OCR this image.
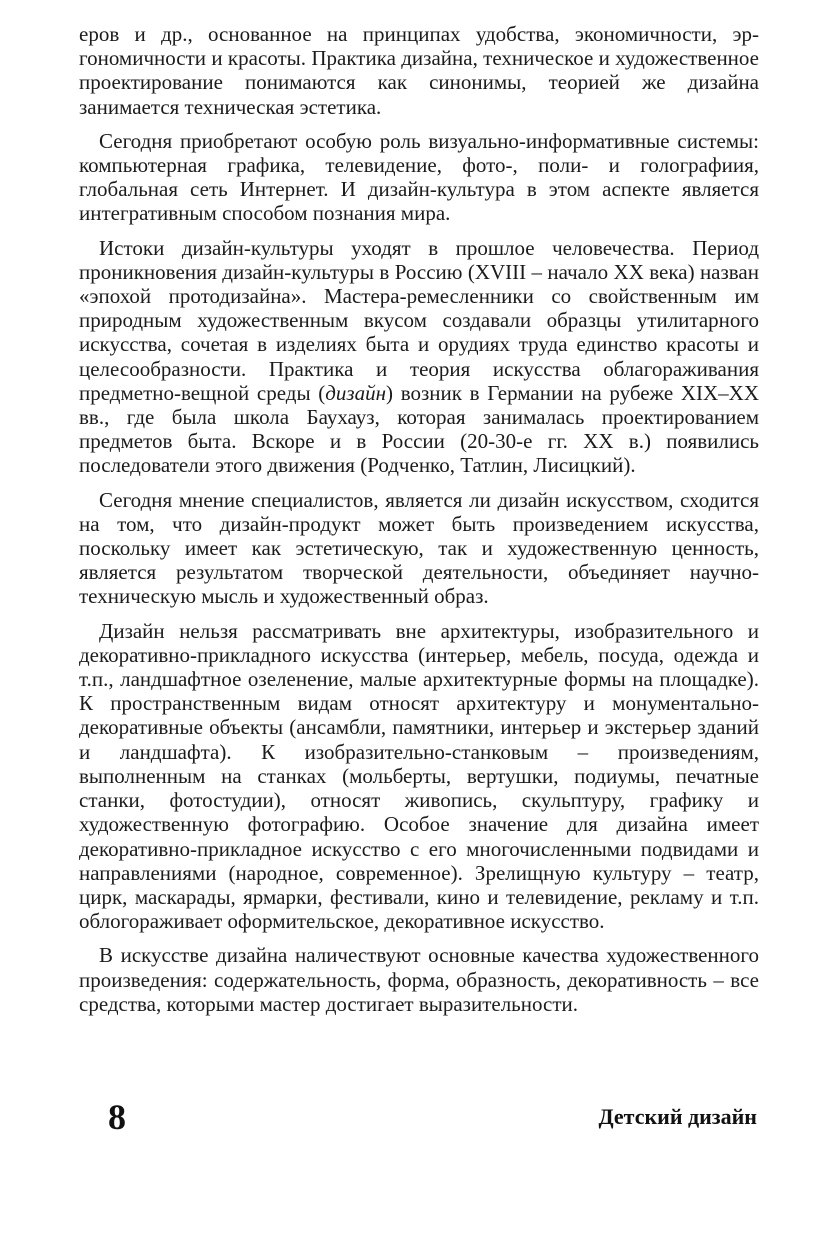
еров и др., основанное на принципах удобства, экономичности, эргономичности и красоты. Практика дизайна, техническое и художественное проектирование понимаются как синонимы, теорией же дизайна занимается техническая эстетика.

Сегодня приобретают особую роль визуально-информативные системы: компьютерная графика, телевидение, фото-, поли- и голографиия, глобальная сеть Интернет. И дизайн-культура в этом аспекте является интегративным способом познания мира.

Истоки дизайн-культуры уходят в прошлое человечества. Период проникновения дизайн-культуры в Россию (XVIII – начало XX века) назван «эпохой протодизайна». Мастера-ремесленники со свойственным им природным художественным вкусом создавали образцы утилитарного искусства, сочетая в изделиях быта и орудиях труда единство красоты и целесообразности. Практика и теория искусства облагораживания предметно-вещной среды (дизайн) возник в Германии на рубеже XIX–XX вв., где была школа Баухауз, которая занималась проектированием предметов быта. Вскоре и в России (20-30-е гг. XX в.) появились последователи этого движения (Родченко, Татлин, Лисицкий).

Сегодня мнение специалистов, является ли дизайн искусством, сходится на том, что дизайн-продукт может быть произведением искусства, поскольку имеет как эстетическую, так и художественную ценность, является результатом творческой деятельности, объединяет научно-техническую мысль и художественный образ.

Дизайн нельзя рассматривать вне архитектуры, изобразительного и декоративно-прикладного искусства (интерьер, мебель, посуда, одежда и т.п., ландшафтное озеленение, малые архитектурные формы на площадке). К пространственным видам относят архитектуру и монументально-декоративные объекты (ансамбли, памятники, интерьер и экстерьер зданий и ландшафта). К изобразительно-станковым – произведениям, выполненным на станках (мольберты, вертушки, подиумы, печатные станки, фотостудии), относят живопись, скульптуру, графику и художественную фотографию. Особое значение для дизайна имеет декоративно-прикладное искусство с его многочисленными подвидами и направлениями (народное, современное). Зрелищную культуру – театр, цирк, маскарады, ярмарки, фестивали, кино и телевидение, рекламу и т.п. облогораживает оформительское, декоративное искусство.

В искусстве дизайна наличествуют основные качества художественного произведения: содержательность, форма, образность, декоративность – все средства, которыми мастер достигает выразительности.

8	Детский дизайн
